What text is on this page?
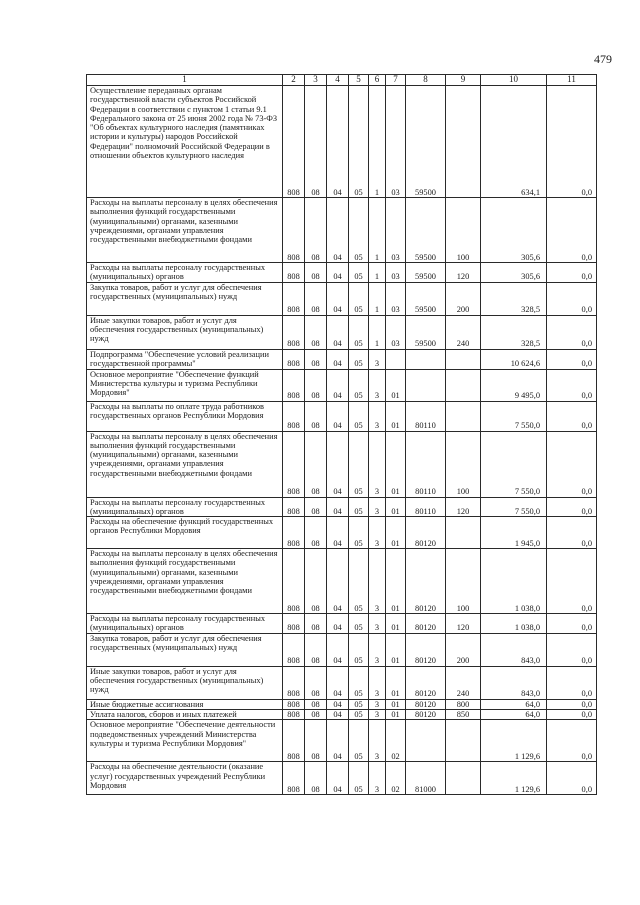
479
1	2	3	4	5	6	7	8	9	10	11
Осуществление переданных органам государственной власти субъектов Российской Федерации в соответствии с пунктом 1 статьи 9.1 Федерального закона от 25 июня 2002 года № 73-ФЗ "Об объектах культурного наследия (памятниках истории и культуры) народов Российской Федерации" полномочий Российской Федерации в отношении объектов культурного наследия	808	08	04	05	1	03	59500		634,1	0,0
Расходы на выплаты персоналу в целях обеспечения выполнения функций государственными (муниципальными) органами, казенными учреждениями, органами управления государственными внебюджетными фондами	808	08	04	05	1	03	59500	100	305,6	0,0
Расходы на выплаты персоналу государственных (муниципальных) органов	808	08	04	05	1	03	59500	120	305,6	0,0
Закупка товаров, работ и услуг для обеспечения государственных (муниципальных) нужд	808	08	04	05	1	03	59500	200	328,5	0,0
Иные закупки товаров, работ и услуг для обеспечения государственных (муниципальных) нужд	808	08	04	05	1	03	59500	240	328,5	0,0
Подпрограмма "Обеспечение условий реализации государственной программы"	808	08	04	05	3				10 624,6	0,0
Основное мероприятие "Обеспечение функций Министерства культуры и туризма Республики Мордовия"	808	08	04	05	3	01			9 495,0	0,0
Расходы на выплаты по оплате труда работников государственных органов Республики Мордовия	808	08	04	05	3	01	80110		7 550,0	0,0
Расходы на выплаты персоналу в целях обеспечения выполнения функций государственными (муниципальными) органами, казенными учреждениями, органами управления государственными внебюджетными фондами	808	08	04	05	3	01	80110	100	7 550,0	0,0
Расходы на выплаты персоналу государственных (муниципальных) органов	808	08	04	05	3	01	80110	120	7 550,0	0,0
Расходы на обеспечение функций государственных органов Республики Мордовия	808	08	04	05	3	01	80120		1 945,0	0,0
Расходы на выплаты персоналу в целях обеспечения выполнения функций государственными (муниципальными) органами, казенными учреждениями, органами управления государственными внебюджетными фондами	808	08	04	05	3	01	80120	100	1 038,0	0,0
Расходы на выплаты персоналу государственных (муниципальных) органов	808	08	04	05	3	01	80120	120	1 038,0	0,0
Закупка товаров, работ и услуг для обеспечения государственных (муниципальных) нужд	808	08	04	05	3	01	80120	200	843,0	0,0
Иные закупки товаров, работ и услуг для обеспечения государственных (муниципальных) нужд	808	08	04	05	3	01	80120	240	843,0	0,0
Иные бюджетные ассигнования	808	08	04	05	3	01	80120	800	64,0	0,0
Уплата налогов, сборов и иных платежей	808	08	04	05	3	01	80120	850	64,0	0,0
Основное мероприятие "Обеспечение деятельности подведомственных учреждений Министерства культуры и туризма Республики Мордовия"	808	08	04	05	3	02			1 129,6	0,0
Расходы на обеспечение деятельности (оказание услуг) государственных учреждений Республики Мордовия	808	08	04	05	3	02	81000		1 129,6	0,0
